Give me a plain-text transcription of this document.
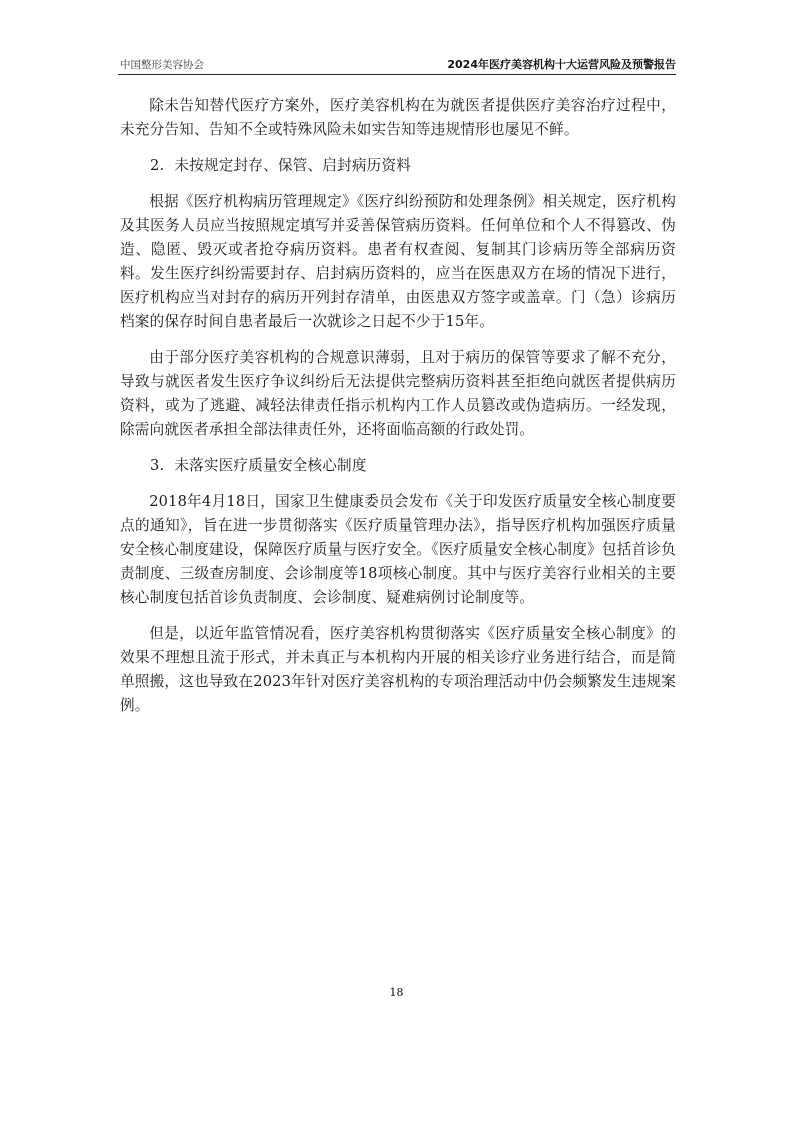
中国整形美容协会	2024年医疗美容机构十大运营风险及预警报告

除未告知替代医疗方案外，医疗美容机构在为就医者提供医疗美容治疗过程中，未充分告知、告知不全或特殊风险未如实告知等违规情形也屡见不鲜。

2. 未按规定封存、保管、启封病历资料

根据《医疗机构病历管理规定》《医疗纠纷预防和处理条例》相关规定，医疗机构及其医务人员应当按照规定填写并妥善保管病历资料。任何单位和个人不得篡改、伪造、隐匿、毁灭或者抢夺病历资料。患者有权查阅、复制其门诊病历等全部病历资料。发生医疗纠纷需要封存、启封病历资料的，应当在医患双方在场的情况下进行，医疗机构应当对封存的病历开列封存清单，由医患双方签字或盖章。门（急）诊病历档案的保存时间自患者最后一次就诊之日起不少于15年。

由于部分医疗美容机构的合规意识薄弱，且对于病历的保管等要求了解不充分，导致与就医者发生医疗争议纠纷后无法提供完整病历资料甚至拒绝向就医者提供病历资料，或为了逃避、减轻法律责任指示机构内工作人员篡改或伪造病历。一经发现，除需向就医者承担全部法律责任外，还将面临高额的行政处罚。

3. 未落实医疗质量安全核心制度

2018年4月18日，国家卫生健康委员会发布《关于印发医疗质量安全核心制度要点的通知》，旨在进一步贯彻落实《医疗质量管理办法》，指导医疗机构加强医疗质量安全核心制度建设，保障医疗质量与医疗安全。《医疗质量安全核心制度》包括首诊负责制度、三级查房制度、会诊制度等18项核心制度。其中与医疗美容行业相关的主要核心制度包括首诊负责制度、会诊制度、疑难病例讨论制度等。

但是，以近年监管情况看，医疗美容机构贯彻落实《医疗质量安全核心制度》的效果不理想且流于形式，并未真正与本机构内开展的相关诊疗业务进行结合，而是简单照搬，这也导致在2023年针对医疗美容机构的专项治理活动中仍会频繁发生违规案例。

18
